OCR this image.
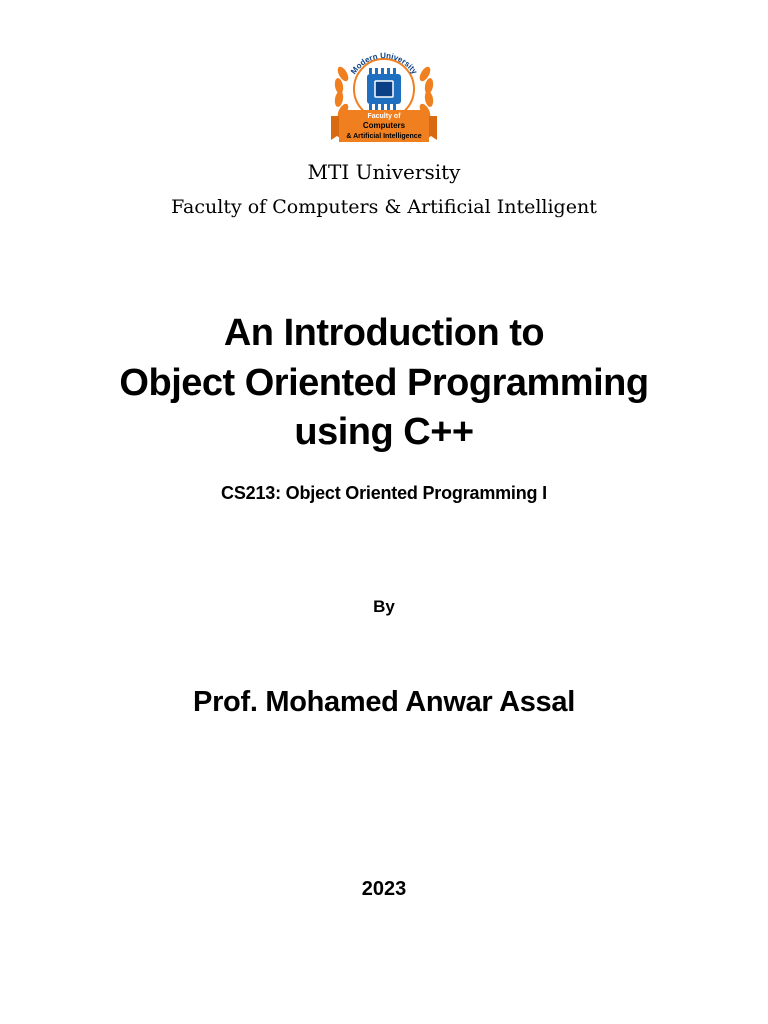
Modern University
Faculty of
Computers
& Artificial Intelligence
MTI University
Faculty of Computers & Artificial Intelligent
An Introduction to
Object Oriented Programming
using C++
CS213: Object Oriented Programming I
By
Prof. Mohamed Anwar Assal
2023
